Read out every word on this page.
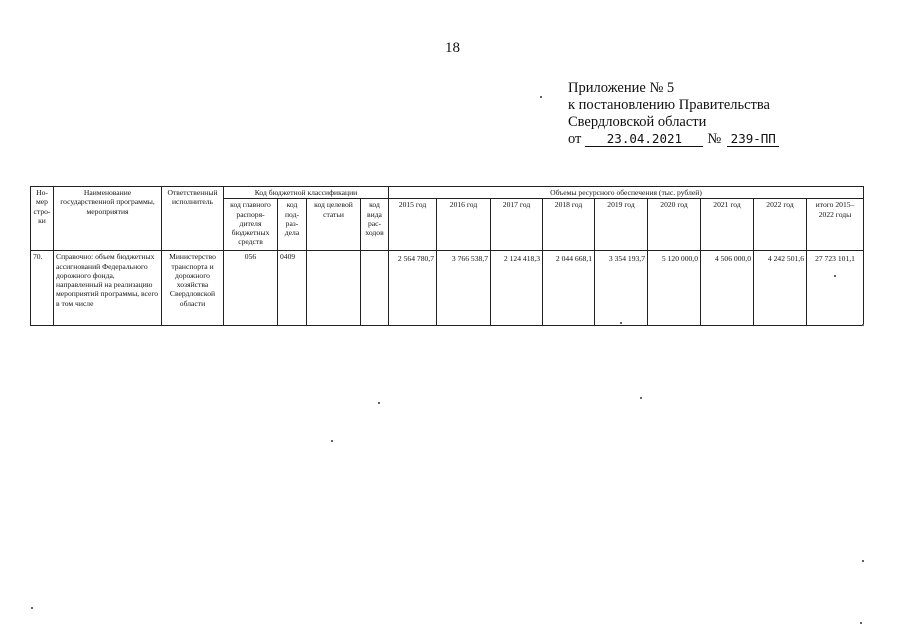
18
Приложение № 5
к постановлению Правительства
Свердловской области
от	23.04.2021	№ 239-ПП
Но-мер стро-ки	Наименование государственной программы, мероприятия	Ответственный исполнитель	Код бюджетной классификации				Объемы ресурсного обеспечения (тыс. рублей)								
			код главного распоря-дителя бюджетных средств	код под-раз-дела	код целевой статьи	код вида рас-ходов	2015 год	2016 год	2017 год	2018 год	2019 год	2020 год	2021 год	2022 год	итого 2015–2022 годы
70.	Справочно: объем бюджетных ассигнований Федерального дорожного фонда, направленный на реализацию мероприятий программы, всего в том числе	Министерство транспорта и дорожного хозяйства Свердловской области	056	0409			2 564 780,7	3 766 538,7	2 124 418,3	2 044 668,1	3 354 193,7	5 120 000,0	4 506 000,0	4 242 501,6	27 723 101,1
